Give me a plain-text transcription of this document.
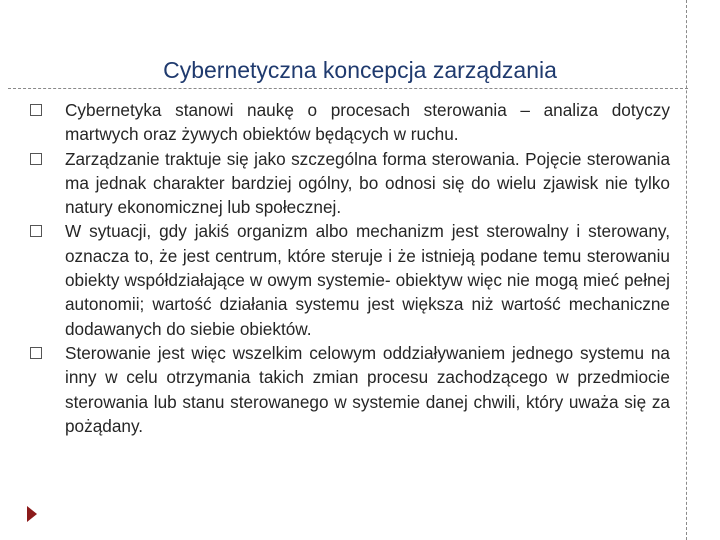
Cybernetyczna koncepcja zarządzania
Cybernetyka stanowi naukę o procesach sterowania – analiza dotyczy martwych oraz żywych obiektów będących w ruchu.
Zarządzanie traktuje się jako szczególna forma sterowania. Pojęcie sterowania ma jednak charakter bardziej ogólny, bo odnosi się do wielu zjawisk nie tylko natury ekonomicznej lub społecznej.
W sytuacji, gdy jakiś organizm albo mechanizm jest sterowalny i sterowany, oznacza to, że jest centrum, które steruje i że istnieją podane temu sterowaniu obiekty współdziałające w owym systemie- obiektyw więc nie mogą mieć pełnej autonomii; wartość działania systemu jest większa niż wartość mechaniczne dodawanych do siebie obiektów.
Sterowanie jest więc wszelkim celowym oddziaływaniem jednego systemu na inny w celu otrzymania takich zmian procesu zachodzącego w przedmiocie sterowania lub stanu sterowanego w systemie danej chwili, który uważa się za pożądany.
